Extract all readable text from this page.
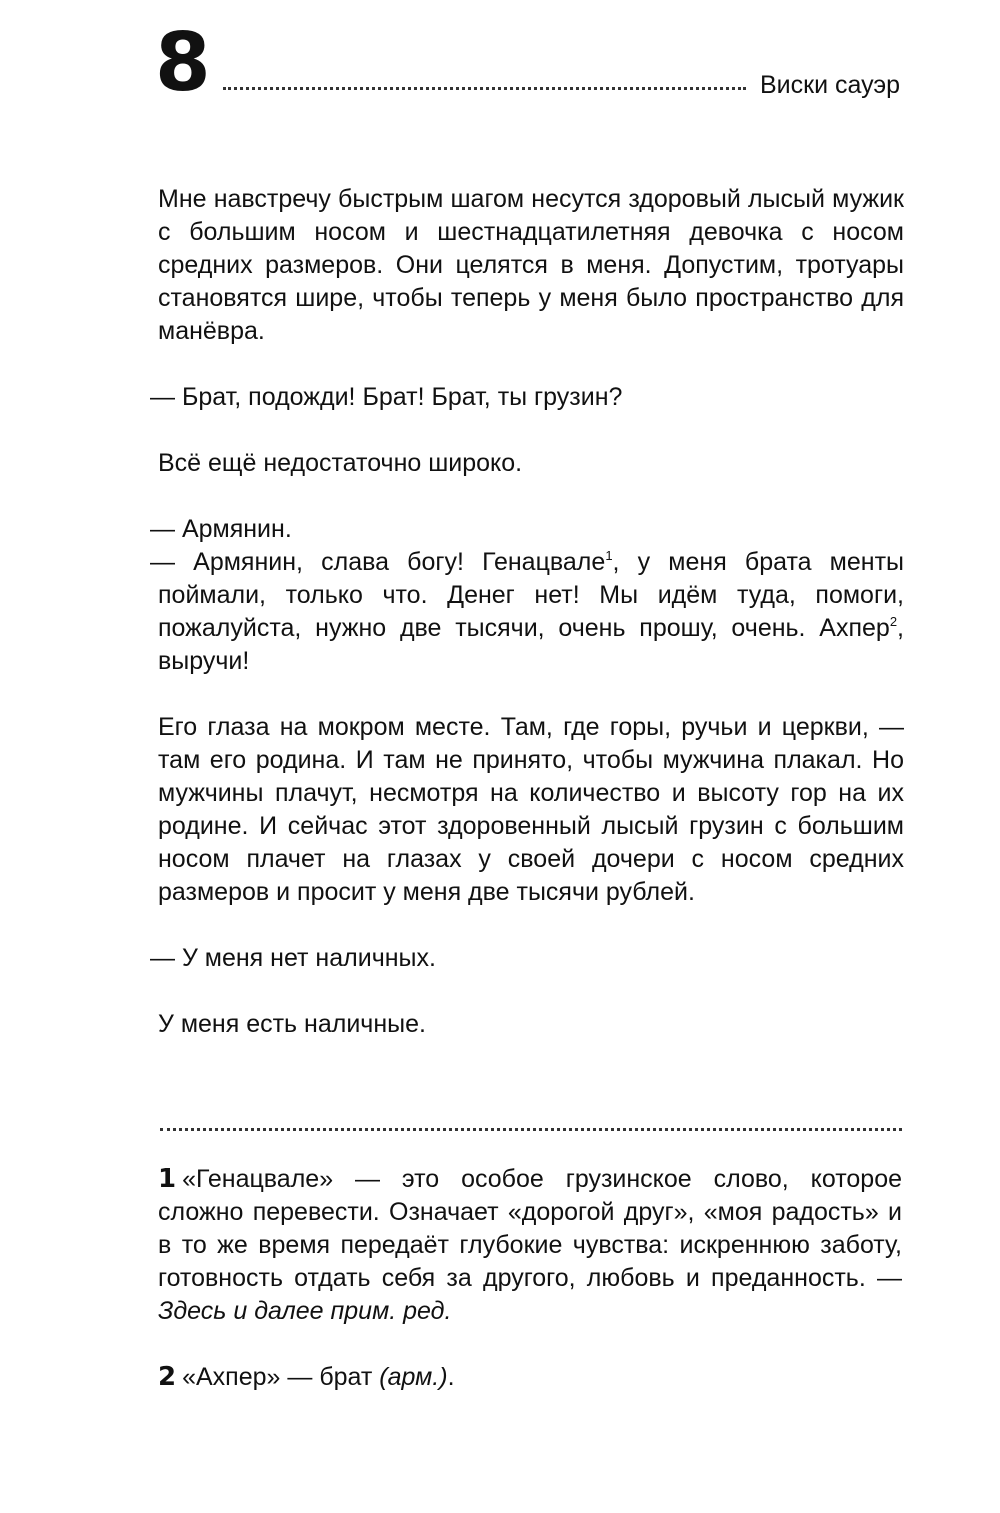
8	Виски сауэр

Мне навстречу быстрым шагом несутся здоровый лысый мужик с большим носом и шестнадцатилетняя девочка с носом средних размеров. Они целятся в меня. Допустим, тротуары становятся шире, чтобы теперь у меня было пространство для манёвра.

— Брат, подожди! Брат! Брат, ты грузин?

Всё ещё недостаточно широко.

— Армянин.

— Армянин, слава богу! Генацвале$^1$, у меня брата менты поймали, только что. Денег нет! Мы идём туда, помоги, пожалуйста, нужно две тысячи, очень прошу, очень. Ахпер$^2$, выручи!

Его глаза на мокром месте. Там, где горы, ручьи и церкви, — там его родина. И там не принято, чтобы мужчина плакал. Но мужчины плачут, несмотря на количество и высоту гор на их родине. И сейчас этот здоровенный лысый грузин с большим носом плачет на глазах у своей дочери с носом средних размеров и просит у меня две тысячи рублей.

— У меня нет наличных.

У меня есть наличные.

1 «Генацвале» — это особое грузинское слово, которое сложно перевести. Означает «дорогой друг», «моя радость» и в то же время передаёт глубокие чувства: искреннюю заботу, готовность отдать себя за другого, любовь и преданность. — Здесь и далее прим. ред.

2 «Ахпер» — брат (арм.).
